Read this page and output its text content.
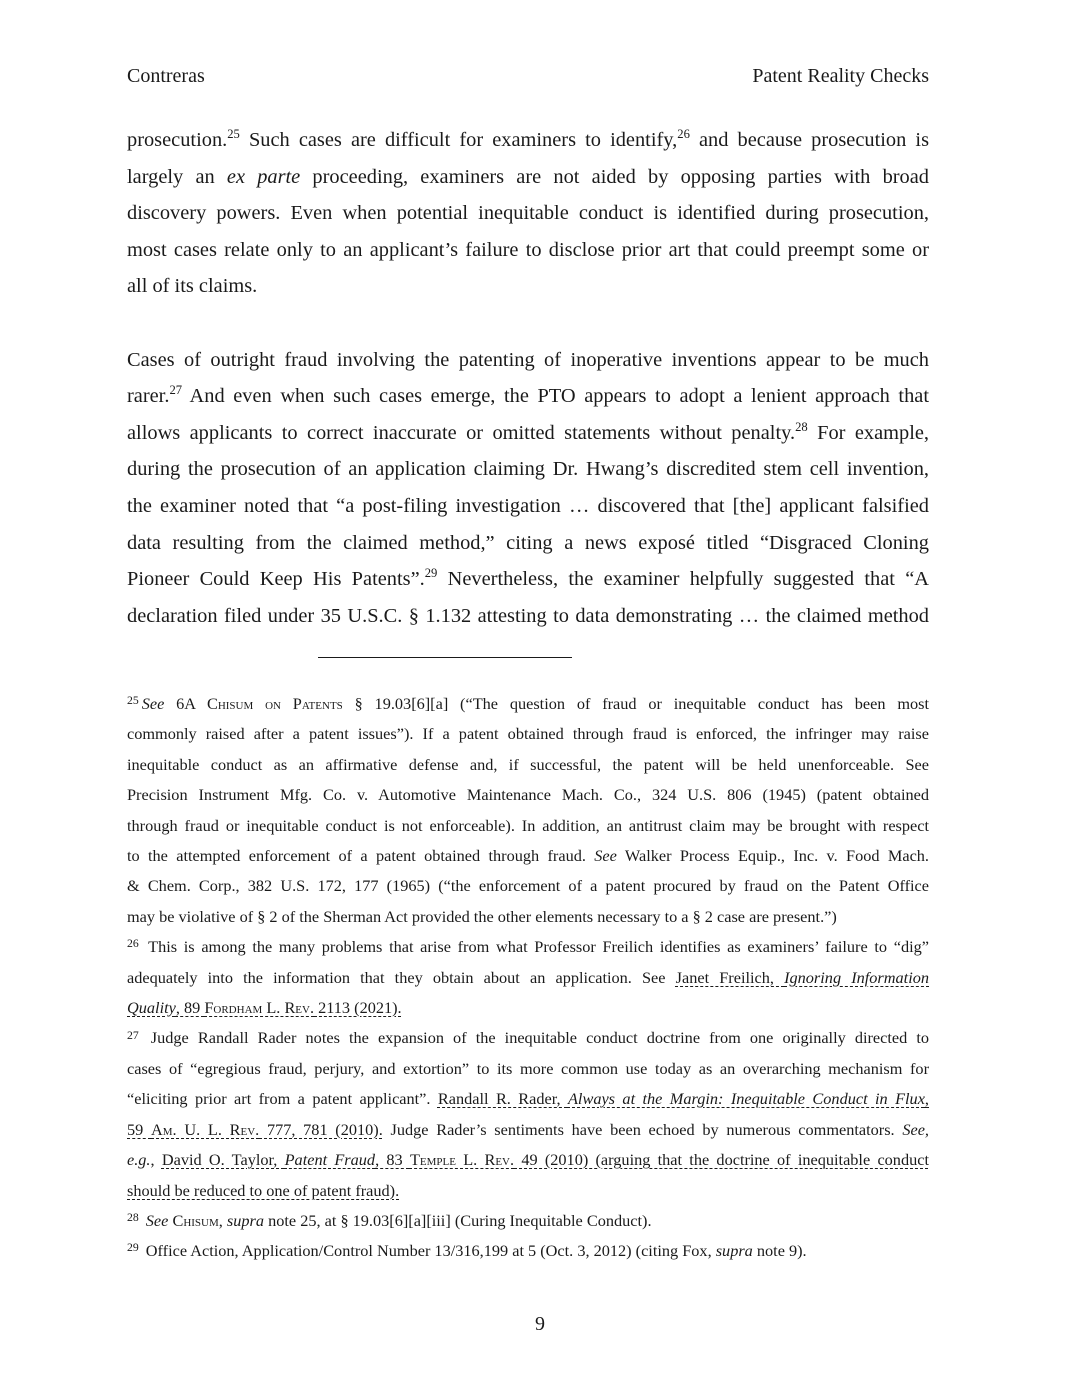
Contreras	Patent Reality Checks

prosecution.$^{25}$ Such cases are difficult for examiners to identify,$^{26}$ and because prosecution is
largely an ex parte proceeding, examiners are not aided by opposing parties with broad
discovery powers. Even when potential inequitable conduct is identified during prosecution,
most cases relate only to an applicant’s failure to disclose prior art that could preempt some or
all of its claims.

Cases of outright fraud involving the patenting of inoperative inventions appear to be much
rarer.$^{27}$ And even when such cases emerge, the PTO appears to adopt a lenient approach that
allows applicants to correct inaccurate or omitted statements without penalty.$^{28}$ For example,
during the prosecution of an application claiming Dr. Hwang’s discredited stem cell invention,
the examiner noted that “a post-filing investigation … discovered that [the] applicant falsified
data resulting from the claimed method,” citing a news exposé titled “Disgraced Cloning
Pioneer Could Keep His Patents”.$^{29}$ Nevertheless, the examiner helpfully suggested that “A
declaration filed under 35 U.S.C. § 1.132 attesting to data demonstrating … the claimed method

$^{25}$ See 6A Chisum on Patents § 19.03[6][a] (“The question of fraud or inequitable conduct has been most
commonly raised after a patent issues”). If a patent obtained through fraud is enforced, the infringer may raise
inequitable conduct as an affirmative defense and, if successful, the patent will be held unenforceable. See
Precision Instrument Mfg. Co. v. Automotive Maintenance Mach. Co., 324 U.S. 806 (1945) (patent obtained
through fraud or inequitable conduct is not enforceable). In addition, an antitrust claim may be brought with respect
to the attempted enforcement of a patent obtained through fraud. See Walker Process Equip., Inc. v. Food Mach.
& Chem. Corp., 382 U.S. 172, 177 (1965) (“the enforcement of a patent procured by fraud on the Patent Office
may be violative of § 2 of the Sherman Act provided the other elements necessary to a § 2 case are present.”)
$^{26}$ This is among the many problems that arise from what Professor Freilich identifies as examiners’ failure to “dig”
adequately into the information that they obtain about an application. See Janet Freilich, Ignoring Information
Quality, 89 Fordham L. Rev. 2113 (2021).
$^{27}$ Judge Randall Rader notes the expansion of the inequitable conduct doctrine from one originally directed to
cases of “egregious fraud, perjury, and extortion” to its more common use today as an overarching mechanism for
“eliciting prior art from a patent applicant”. Randall R. Rader, Always at the Margin: Inequitable Conduct in Flux,
59 Am. U. L. Rev. 777, 781 (2010). Judge Rader’s sentiments have been echoed by numerous commentators. See,
e.g., David O. Taylor, Patent Fraud, 83 Temple L. Rev. 49 (2010) (arguing that the doctrine of inequitable conduct
should be reduced to one of patent fraud).
$^{28}$ See Chisum, supra note 25, at § 19.03[6][a][iii] (Curing Inequitable Conduct).
$^{29}$ Office Action, Application/Control Number 13/316,199 at 5 (Oct. 3, 2012) (citing Fox, supra note 9).
9
